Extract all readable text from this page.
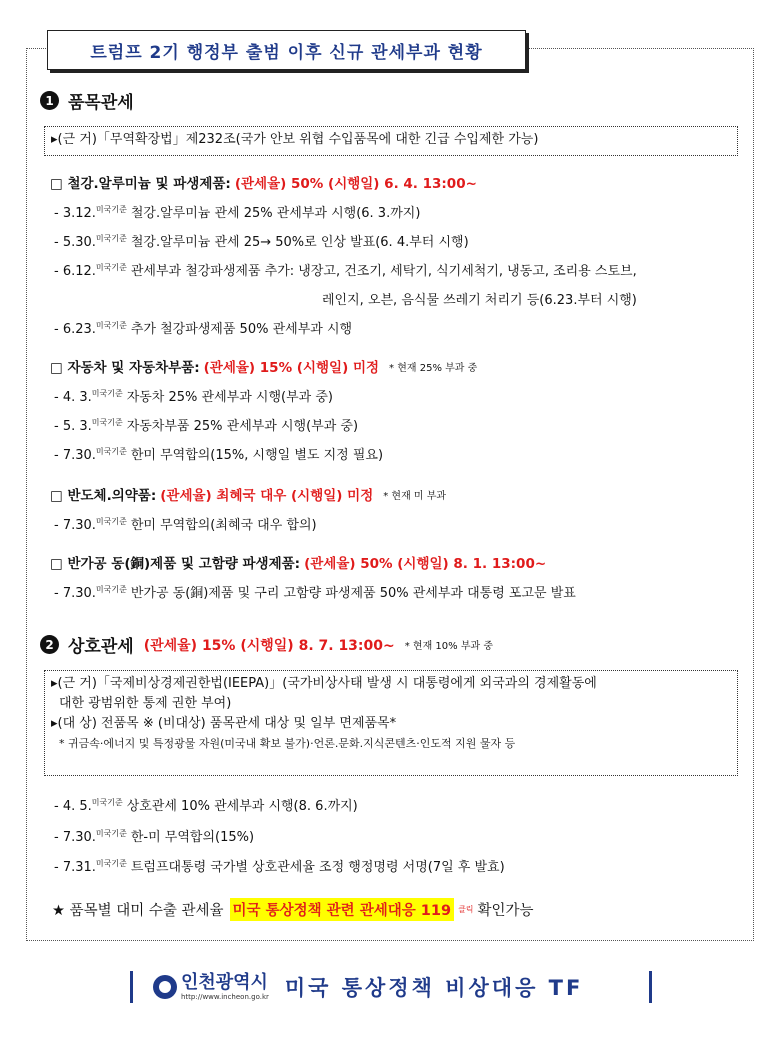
트럼프 2기 행정부 출범 이후 신규 관세부과 현황
1 품목관세
▸(근 거)「무역확장법」제232조(국가 안보 위협 수입품목에 대한 긴급 수입제한 가능)
□ 철강.알루미늄 및 파생제품: (관세율) 50% (시행일) 6. 4. 13:00~
- 3.12.$^{미국기준}$ 철강.알루미늄 관세 25% 관세부과 시행(6. 3.까지)
- 5.30.$^{미국기준}$ 철강.알루미늄 관세 25→ 50%로 인상 발표(6. 4.부터 시행)
- 6.12.$^{미국기준}$ 관세부과 철강파생제품 추가: 냉장고, 건조기, 세탁기, 식기세척기, 냉동고, 조리용 스토브,
레인지, 오븐, 음식물 쓰레기 처리기 등(6.23.부터 시행)
- 6.23.$^{미국기준}$ 추가 철강파생제품 50% 관세부과 시행
□ 자동차 및 자동차부품: (관세율) 15% (시행일) 미정 * 현재 25% 부과 중
- 4. 3.$^{미국기준}$ 자동차 25% 관세부과 시행(부과 중)
- 5. 3.$^{미국기준}$ 자동차부품 25% 관세부과 시행(부과 중)
- 7.30.$^{미국기준}$ 한미 무역합의(15%, 시행일 별도 지정 필요)
□ 반도체.의약품: (관세율) 최혜국 대우 (시행일) 미정 * 현재 미 부과
- 7.30.$^{미국기준}$ 한미 무역합의(최혜국 대우 합의)
□ 반가공 동(銅)제품 및 고함량 파생제품: (관세율) 50% (시행일) 8. 1. 13:00~
- 7.30.$^{미국기준}$ 반가공 동(銅)제품 및 구리 고함량 파생제품 50% 관세부과 대통령 포고문 발표
2 상호관세 (관세율) 15% (시행일) 8. 7. 13:00~ * 현재 10% 부과 중
▸(근 거)「국제비상경제권한법(IEEPA)」(국가비상사태 발생 시 대통령에게 외국과의 경제활동에
대한 광범위한 통제 권한 부여)
▸(대 상) 전품목 ※ (비대상) 품목관세 대상 및 일부 면제품목*
* 귀금속·에너지 및 특정광물 자원(미국내 확보 불가)·언론.문화.지식콘텐츠·인도적 지원 물자 등
- 4. 5.$^{미국기준}$ 상호관세 10% 관세부과 시행(8. 6.까지)
- 7.30.$^{미국기준}$ 한-미 무역합의(15%)
- 7.31.$^{미국기준}$ 트럼프대통령 국가별 상호관세율 조정 행정명령 서명(7일 후 발효)
★ 품목별 대미 수출 관세율 미국 통상정책 관련 관세대응 119 클릭 확인가능
인천광역시
http://www.incheon.go.kr 미국 통상정책 비상대응 TF
